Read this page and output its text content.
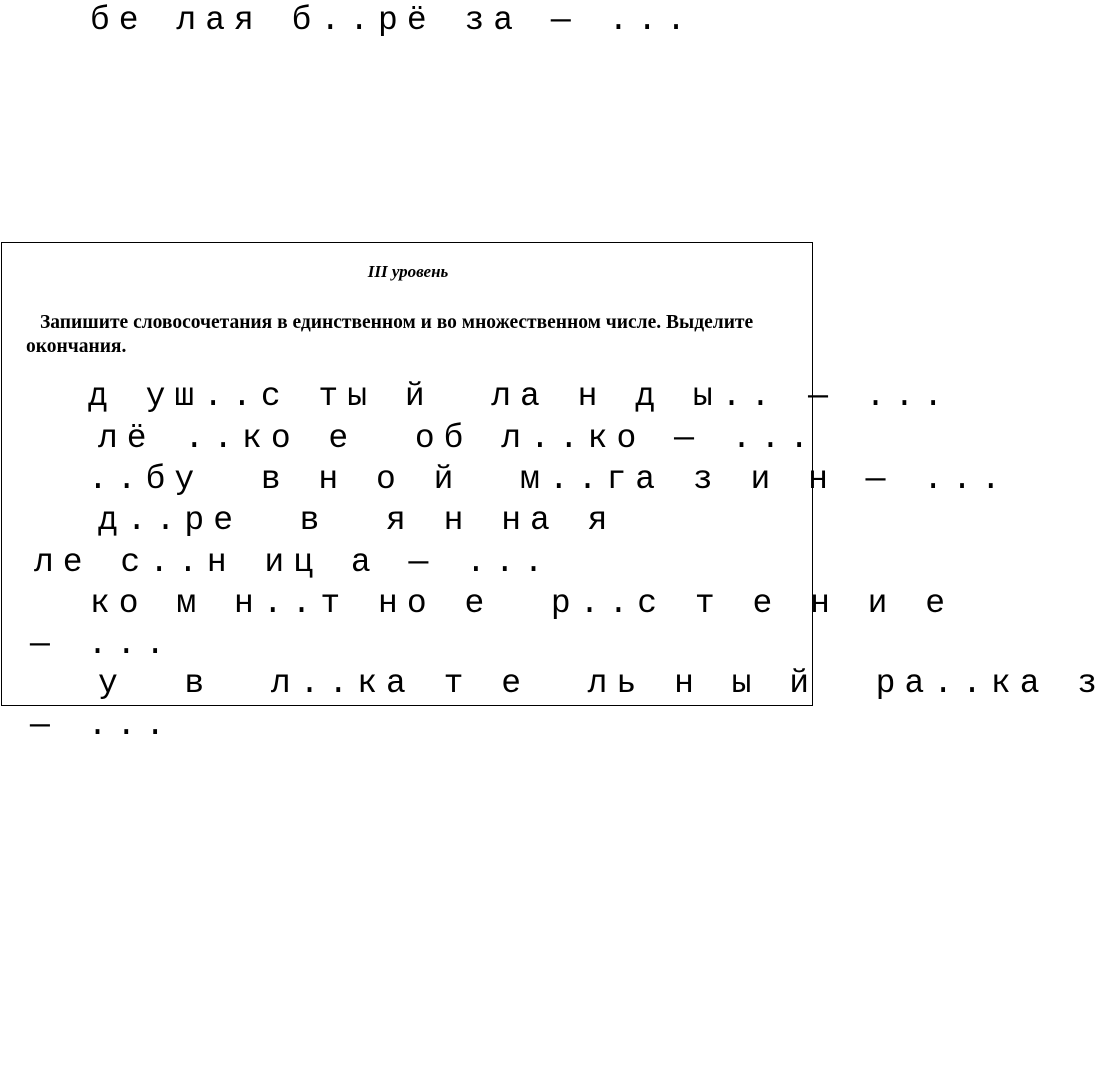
бе лая б..рё за — ...
III уровень
Запишите словосочетания в единственном и во множественном числе. Выделите окончания.
д уш..с ты й  ла н д ы.. — ...
лё ..ко е  об л..ко — ...
..бу  в н о й  м..га з и н — ...
д..ре  в  я н на я
ле с..н иц а — ...
ко м н..т но е  р..с т е н и е
— ...
у  в  л..ка т е  ль н ы й  ра..ка з
— ...
